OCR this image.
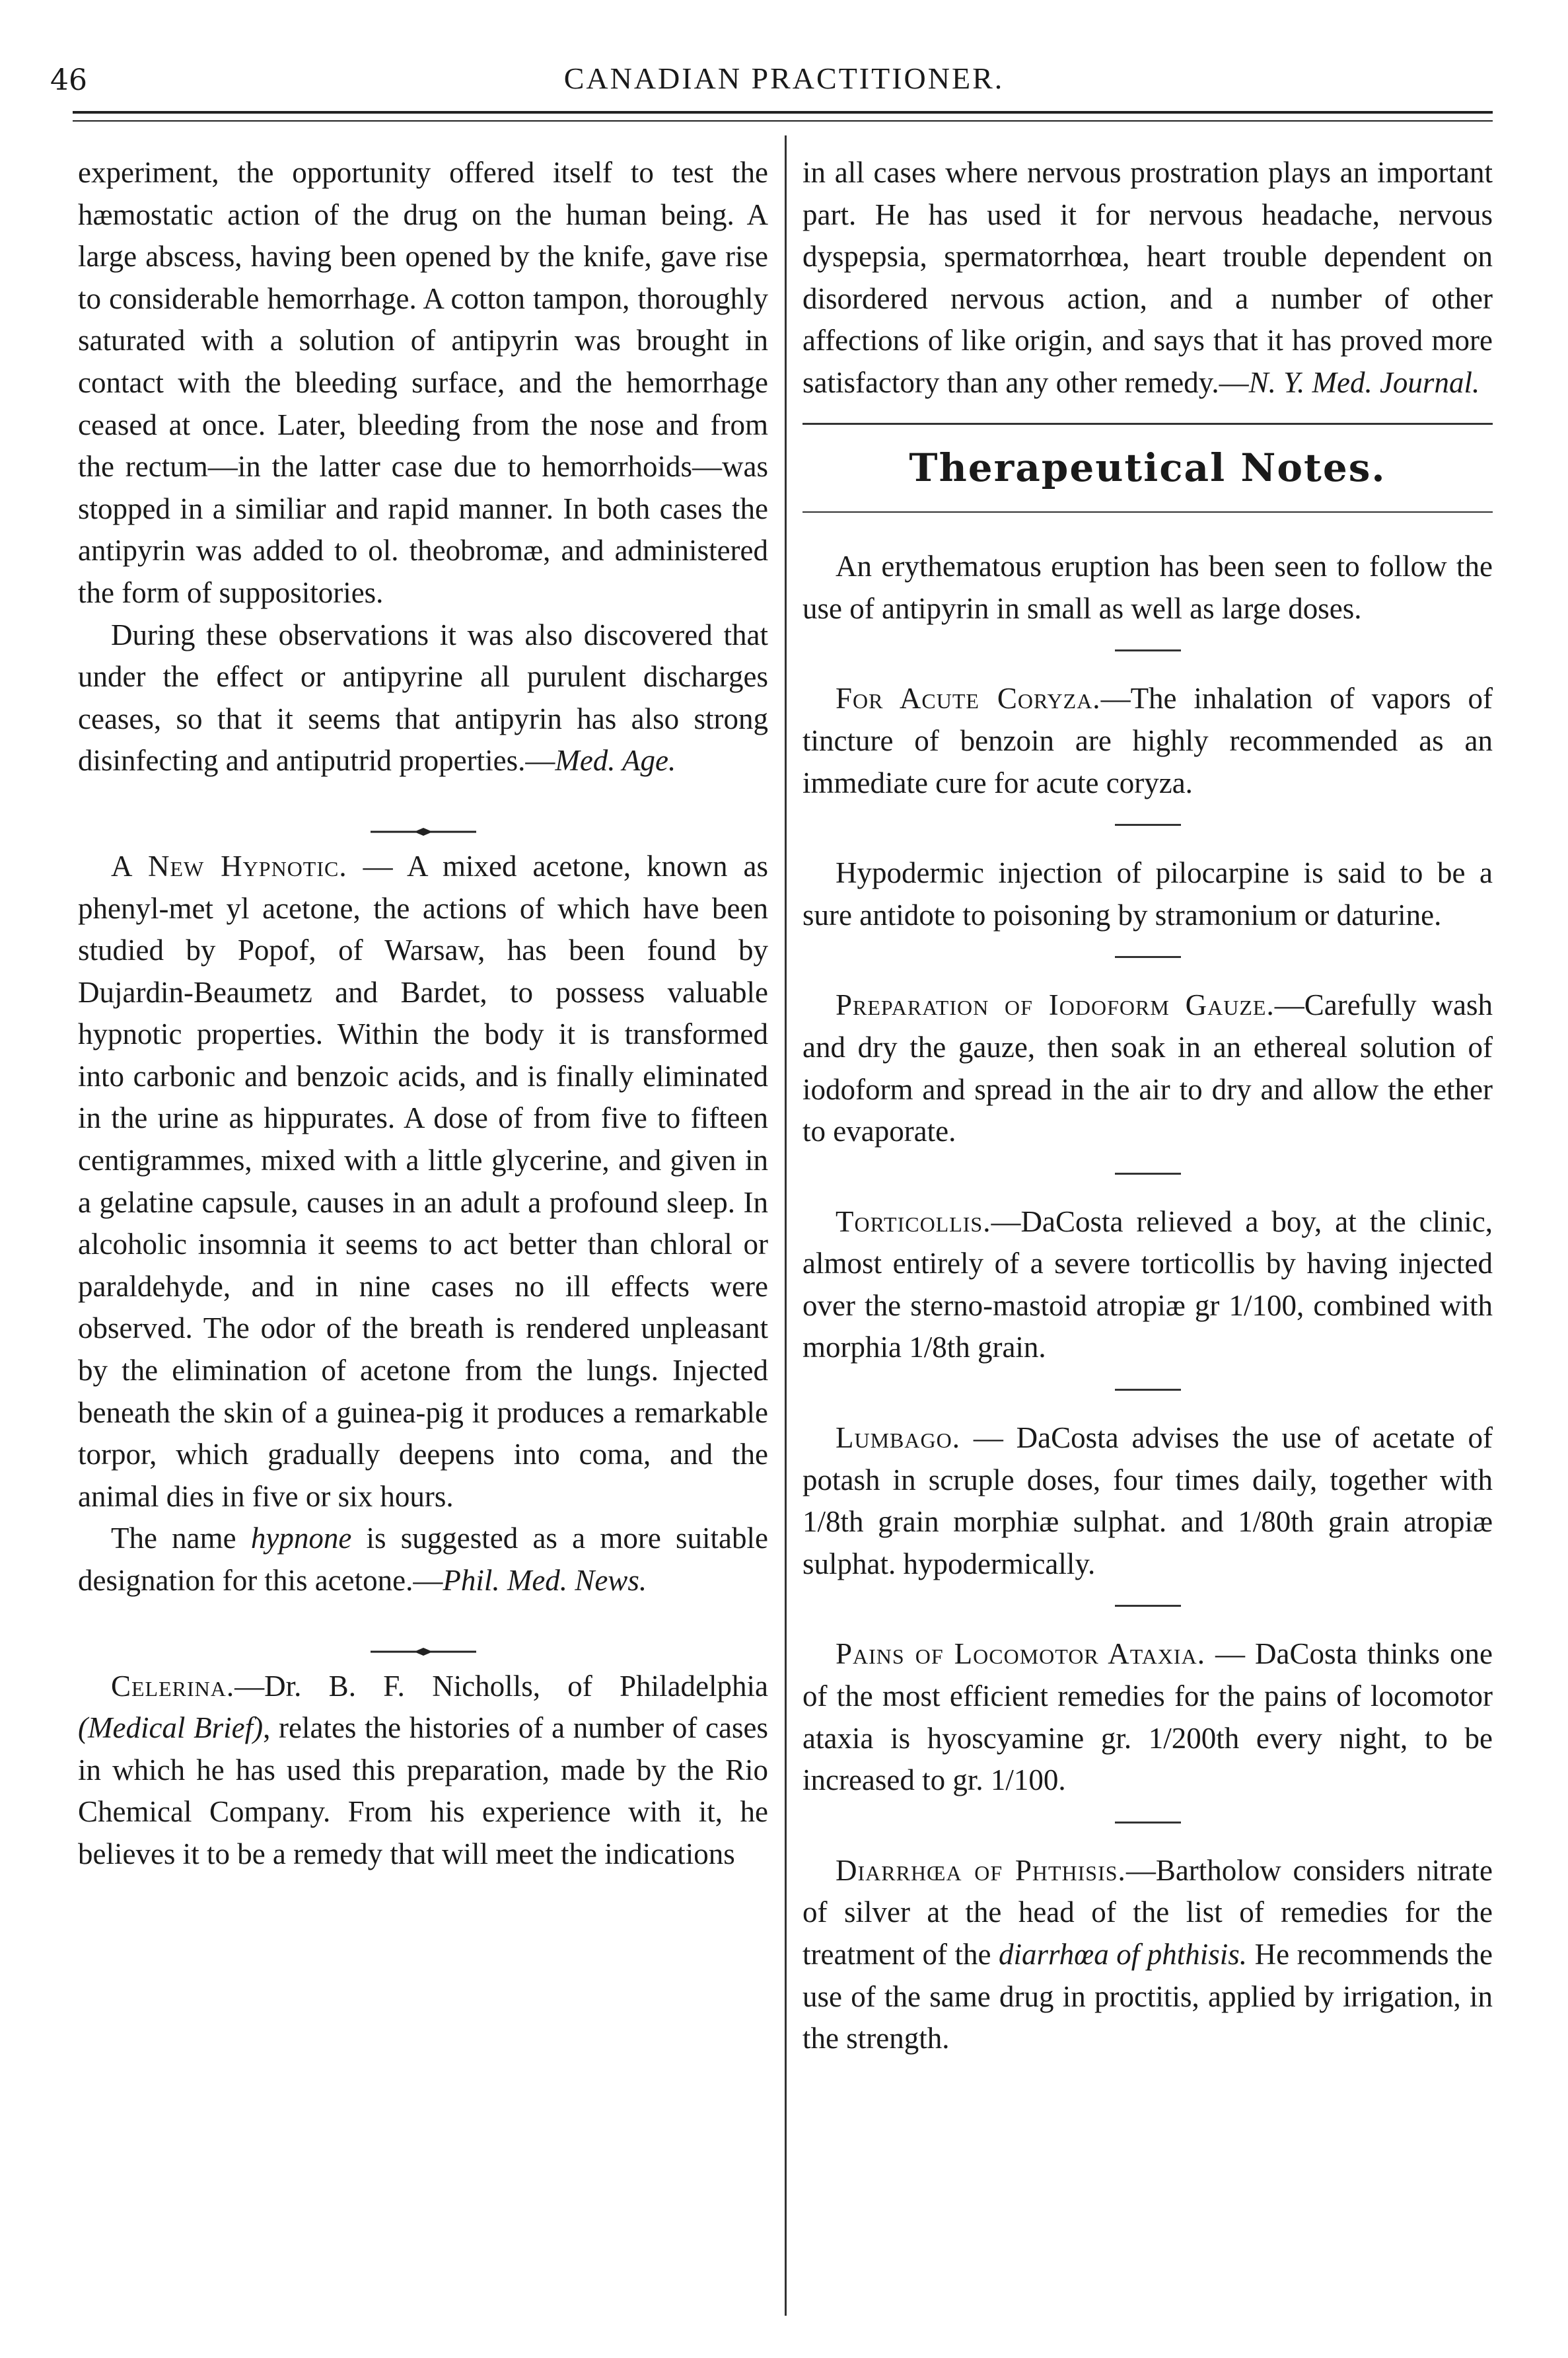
46	CANADIAN PRACTITIONER.

experiment, the opportunity offered itself to test the hæmostatic action of the drug on the human being. A large abscess, having been opened by the knife, gave rise to considerable hemorrhage. A cotton tampon, thoroughly saturated with a solution of antipyrin was brought in contact with the bleeding surface, and the hemorrhage ceased at once. Later, bleeding from the nose and from the rectum—in the latter case due to hemorrhoids—was stopped in a similiar and rapid manner. In both cases the antipyrin was added to ol. theobromæ, and administered the form of suppositories.

During these observations it was also discovered that under the effect or antipyrine all purulent discharges ceases, so that it seems that antipyrin has also strong disinfecting and antiputrid properties.—Med. Age.

A New Hypnotic. — A mixed acetone, known as phenyl-met yl acetone, the actions of which have been studied by Popof, of Warsaw, has been found by Dujardin-Beaumetz and Bardet, to possess valuable hypnotic properties. Within the body it is transformed into carbonic and benzoic acids, and is finally eliminated in the urine as hippurates. A dose of from five to fifteen centigrammes, mixed with a little glycerine, and given in a gelatine capsule, causes in an adult a profound sleep. In alcoholic insomnia it seems to act better than chloral or paraldehyde, and in nine cases no ill effects were observed. The odor of the breath is rendered unpleasant by the elimination of acetone from the lungs. Injected beneath the skin of a guinea-pig it produces a remarkable torpor, which gradually deepens into coma, and the animal dies in five or six hours.

The name hypnone is suggested as a more suitable designation for this acetone.—Phil. Med. News.

Celerina.—Dr. B. F. Nicholls, of Philadelphia (Medical Brief), relates the histories of a number of cases in which he has used this preparation, made by the Rio Chemical Company. From his experience with it, he believes it to be a remedy that will meet the indications

in all cases where nervous prostration plays an important part. He has used it for nervous headache, nervous dyspepsia, spermatorrhœa, heart trouble dependent on disordered nervous action, and a number of other affections of like origin, and says that it has proved more satisfactory than any other remedy.—N. Y. Med. Journal.

Therapeutical Notes.

An erythematous eruption has been seen to follow the use of antipyrin in small as well as large doses.

For Acute Coryza.—The inhalation of vapors of tincture of benzoin are highly recommended as an immediate cure for acute coryza.

Hypodermic injection of pilocarpine is said to be a sure antidote to poisoning by stramonium or daturine.

Preparation of Iodoform Gauze.—Carefully wash and dry the gauze, then soak in an ethereal solution of iodoform and spread in the air to dry and allow the ether to evaporate.

Torticollis.—DaCosta relieved a boy, at the clinic, almost entirely of a severe torticollis by having injected over the sterno-mastoid atropiæ gr 1/100, combined with morphia 1/8th grain.

Lumbago. — DaCosta advises the use of acetate of potash in scruple doses, four times daily, together with 1/8th grain morphiæ sulphat. and 1/80th grain atropiæ sulphat. hypodermically.

Pains of Locomotor Ataxia. — DaCosta thinks one of the most efficient remedies for the pains of locomotor ataxia is hyoscyamine gr. 1/200th every night, to be increased to gr. 1/100.

Diarrhœa of Phthisis.—Bartholow considers nitrate of silver at the head of the list of remedies for the treatment of the diarrhœa of phthisis. He recommends the use of the same drug in proctitis, applied by irrigation, in the strength.
